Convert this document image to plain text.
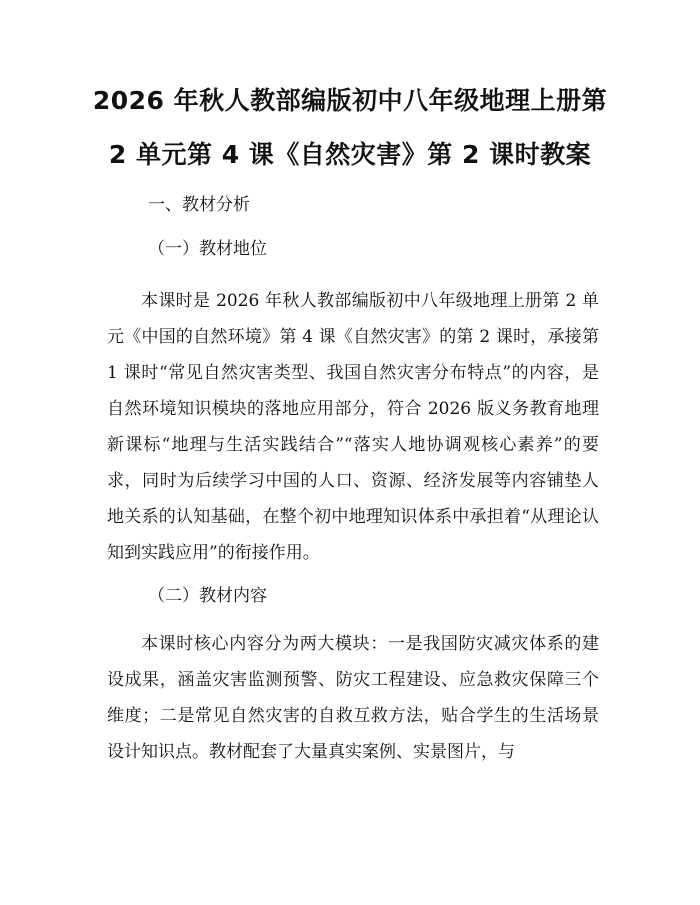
2026 年秋人教部编版初中八年级地理上册第
2 单元第 4 课《自然灾害》第 2 课时教案
一、教材分析
（一）教材地位

本课时是 2026 年秋人教部编版初中八年级地理上册第 2 单元《中国的自然环境》第 4 课《自然灾害》的第 2 课时，承接第 1 课时“常见自然灾害类型、我国自然灾害分布特点”的内容，是自然环境知识模块的落地应用部分，符合 2026 版义务教育地理新课标“地理与生活实践结合”“落实人地协调观核心素养”的要求，同时为后续学习中国的人口、资源、经济发展等内容铺垫人地关系的认知基础，在整个初中地理知识体系中承担着“从理论认知到实践应用”的衔接作用。

（二）教材内容

本课时核心内容分为两大模块：一是我国防灾减灾体系的建设成果，涵盖灾害监测预警、防灾工程建设、应急救灾保障三个维度；二是常见自然灾害的自救互救方法，贴合学生的生活场景设计知识点。教材配套了大量真实案例、实景图片，与
